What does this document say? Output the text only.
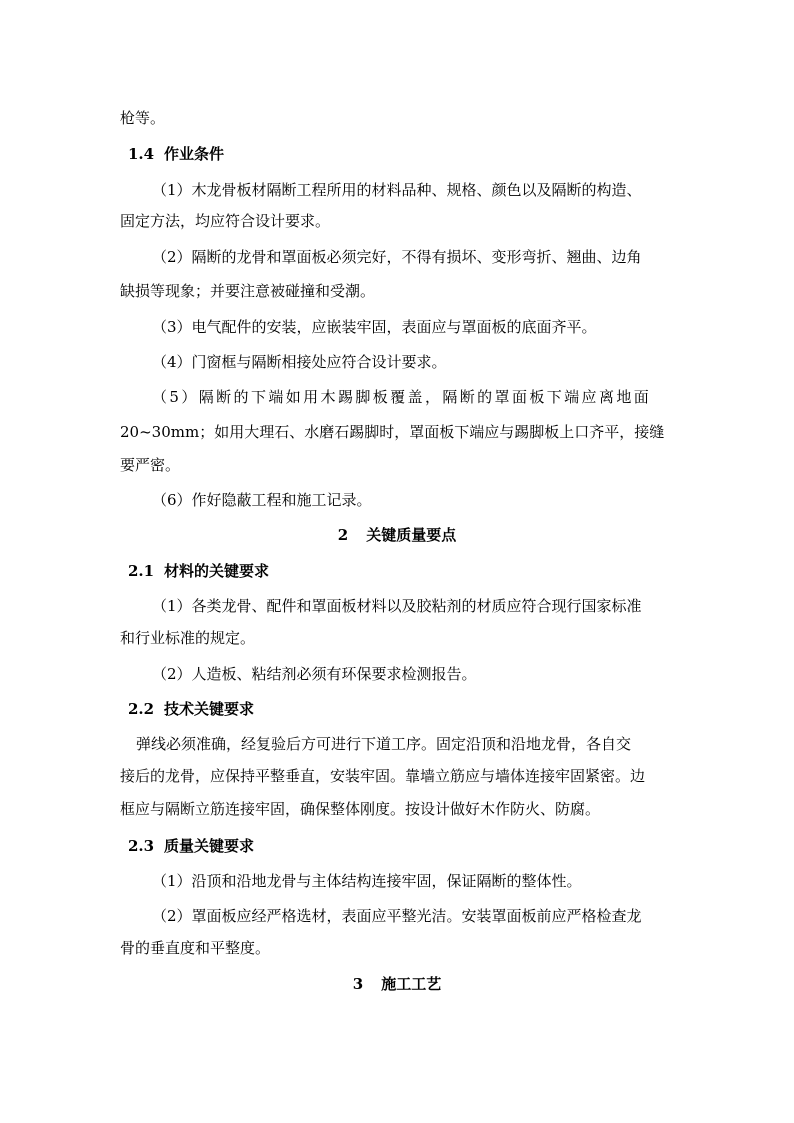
枪等。
1.4 作业条件
（1）木龙骨板材隔断工程所用的材料品种、规格、颜色以及隔断的构造、
固定方法，均应符合设计要求。
（2）隔断的龙骨和罩面板必须完好，不得有损坏、变形弯折、翘曲、边角
缺损等现象；并要注意被碰撞和受潮。
（3）电气配件的安装，应嵌装牢固，表面应与罩面板的底面齐平。
（4）门窗框与隔断相接处应符合设计要求。
（5）隔断的下端如用木踢脚板覆盖，隔断的罩面板下端应离地面
20~30mm；如用大理石、水磨石踢脚时，罩面板下端应与踢脚板上口齐平，接缝
要严密。
（6）作好隐蔽工程和施工记录。
2 关键质量要点
2.1 材料的关键要求
（1）各类龙骨、配件和罩面板材料以及胶粘剂的材质应符合现行国家标准
和行业标准的规定。
（2）人造板、粘结剂必须有环保要求检测报告。
2.2 技术关键要求
弹线必须准确，经复验后方可进行下道工序。固定沿顶和沿地龙骨，各自交
接后的龙骨，应保持平整垂直，安装牢固。靠墙立筋应与墙体连接牢固紧密。边
框应与隔断立筋连接牢固，确保整体刚度。按设计做好木作防火、防腐。
2.3 质量关键要求
（1）沿顶和沿地龙骨与主体结构连接牢固，保证隔断的整体性。
（2）罩面板应经严格选材，表面应平整光洁。安装罩面板前应严格检查龙
骨的垂直度和平整度。
3 施工工艺
